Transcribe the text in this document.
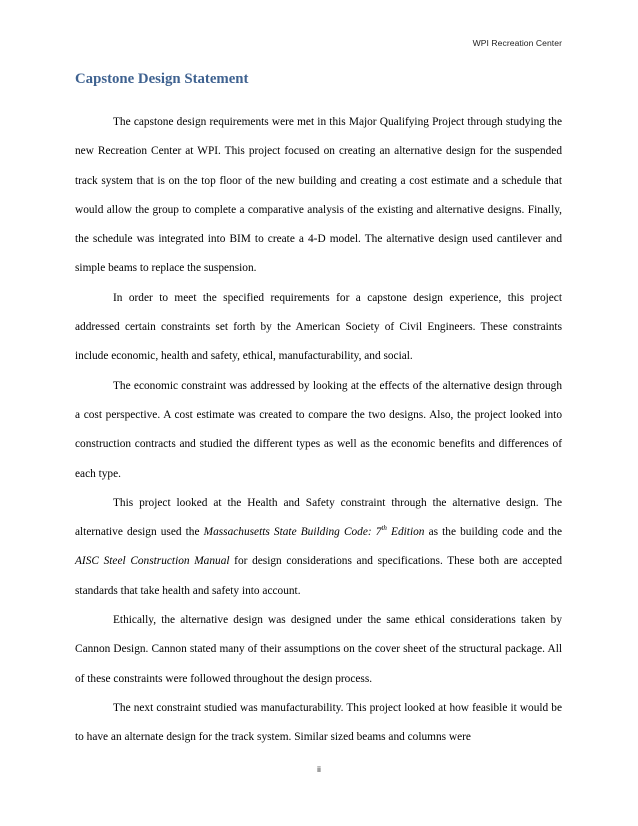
WPI Recreation Center
Capstone Design Statement

The capstone design requirements were met in this Major Qualifying Project through studying the new Recreation Center at WPI. This project focused on creating an alternative design for the suspended track system that is on the top floor of the new building and creating a cost estimate and a schedule that would allow the group to complete a comparative analysis of the existing and alternative designs. Finally, the schedule was integrated into BIM to create a 4-D model. The alternative design used cantilever and simple beams to replace the suspension.

In order to meet the specified requirements for a capstone design experience, this project addressed certain constraints set forth by the American Society of Civil Engineers. These constraints include economic, health and safety, ethical, manufacturability, and social.

The economic constraint was addressed by looking at the effects of the alternative design through a cost perspective. A cost estimate was created to compare the two designs. Also, the project looked into construction contracts and studied the different types as well as the economic benefits and differences of each type.

This project looked at the Health and Safety constraint through the alternative design. The alternative design used the Massachusetts State Building Code: 7th Edition as the building code and the AISC Steel Construction Manual for design considerations and specifications. These both are accepted standards that take health and safety into account.

Ethically, the alternative design was designed under the same ethical considerations taken by Cannon Design. Cannon stated many of their assumptions on the cover sheet of the structural package. All of these constraints were followed throughout the design process.

The next constraint studied was manufacturability. This project looked at how feasible it would be to have an alternate design for the track system. Similar sized beams and columns were

ii
